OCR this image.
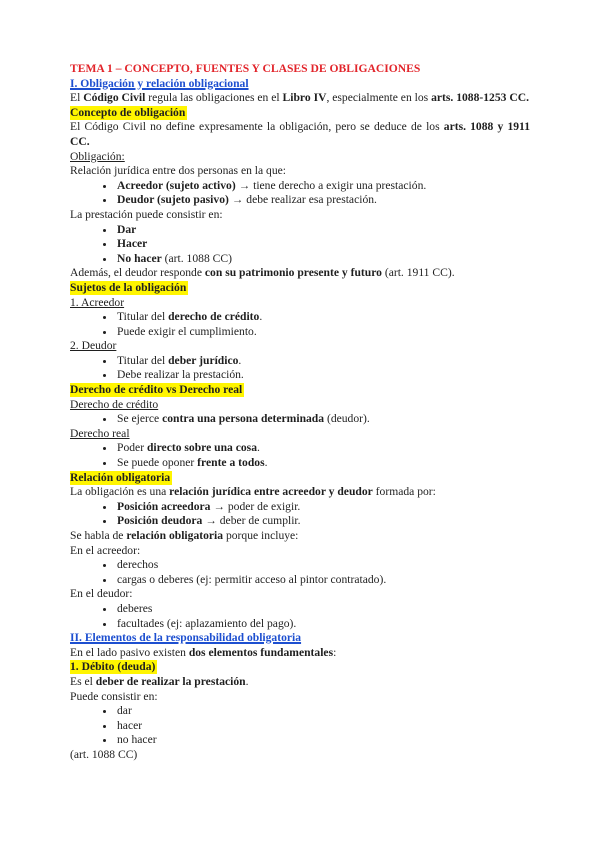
TEMA 1 – CONCEPTO, FUENTES Y CLASES DE OBLIGACIONES

I. Obligación y relación obligacional

El Código Civil regula las obligaciones en el Libro IV, especialmente en los arts. 1088-1253 CC.

Concepto de obligación

El Código Civil no define expresamente la obligación, pero se deduce de los arts. 1088 y 1911 CC.

Obligación:

Relación jurídica entre dos personas en la que:

• Acreedor (sujeto activo) → tiene derecho a exigir una prestación.
• Deudor (sujeto pasivo) → debe realizar esa prestación.

La prestación puede consistir en:

• Dar
• Hacer
• No hacer (art. 1088 CC)

Además, el deudor responde con su patrimonio presente y futuro (art. 1911 CC).

Sujetos de la obligación

1. Acreedor

• Titular del derecho de crédito.
• Puede exigir el cumplimiento.

2. Deudor

• Titular del deber jurídico.
• Debe realizar la prestación.

Derecho de crédito vs Derecho real

Derecho de crédito

• Se ejerce contra una persona determinada (deudor).

Derecho real

• Poder directo sobre una cosa.
• Se puede oponer frente a todos.

Relación obligatoria

La obligación es una relación jurídica entre acreedor y deudor formada por:

• Posición acreedora → poder de exigir.
• Posición deudora → deber de cumplir.

Se habla de relación obligatoria porque incluye:

En el acreedor:

• derechos
• cargas o deberes (ej: permitir acceso al pintor contratado).

En el deudor:

• deberes
• facultades (ej: aplazamiento del pago).

II. Elementos de la responsabilidad obligatoria

En el lado pasivo existen dos elementos fundamentales:

1. Débito (deuda)

Es el deber de realizar la prestación.

Puede consistir en:

• dar
• hacer
• no hacer

(art. 1088 CC)
